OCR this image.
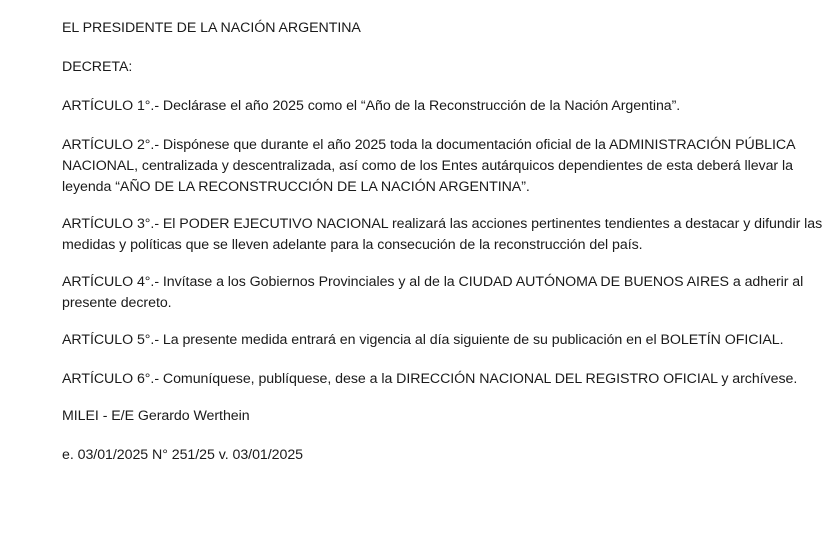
EL PRESIDENTE DE LA NACIÓN ARGENTINA

DECRETA:

ARTÍCULO 1°.- Declárase el año 2025 como el “Año de la Reconstrucción de la Nación Argentina”.

ARTÍCULO 2°.- Dispónese que durante el año 2025 toda la documentación oficial de la ADMINISTRACIÓN PÚBLICA NACIONAL, centralizada y descentralizada, así como de los Entes autárquicos dependientes de esta deberá llevar la leyenda “AÑO DE LA RECONSTRUCCIÓN DE LA NACIÓN ARGENTINA”.

ARTÍCULO 3°.- El PODER EJECUTIVO NACIONAL realizará las acciones pertinentes tendientes a destacar y difundir las medidas y políticas que se lleven adelante para la consecución de la reconstrucción del país.

ARTÍCULO 4°.- Invítase a los Gobiernos Provinciales y al de la CIUDAD AUTÓNOMA DE BUENOS AIRES a adherir al presente decreto.

ARTÍCULO 5°.- La presente medida entrará en vigencia al día siguiente de su publicación en el BOLETÍN OFICIAL.

ARTÍCULO 6°.- Comuníquese, publíquese, dese a la DIRECCIÓN NACIONAL DEL REGISTRO OFICIAL y archívese.

MILEI - E/E Gerardo Werthein

e. 03/01/2025 N° 251/25 v. 03/01/2025
